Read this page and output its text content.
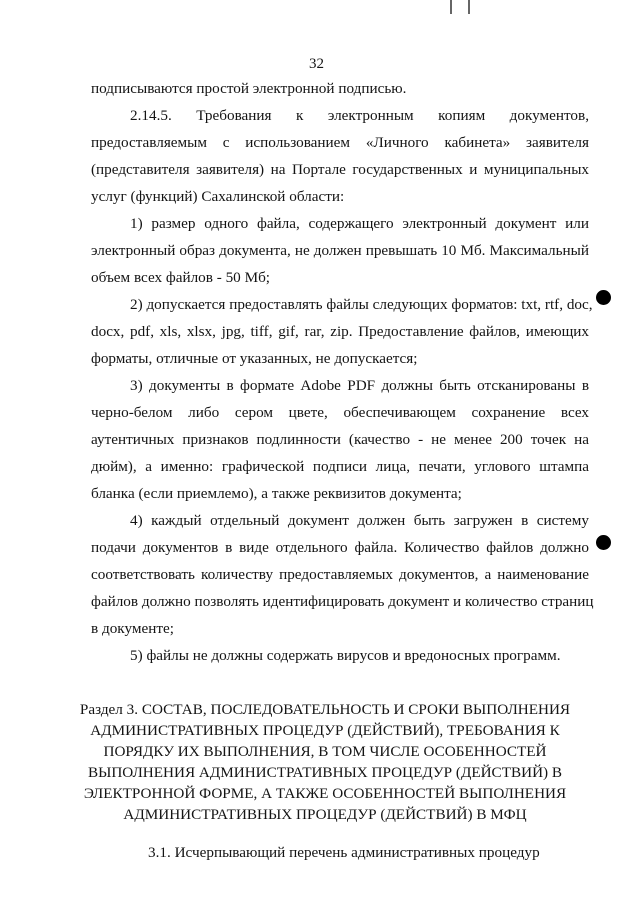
32
подписываются простой электронной подписью.
2.14.5. Требования к электронным копиям документов,
предоставляемым с использованием «Личного кабинета» заявителя
(представителя заявителя) на Портале государственных и муниципальных
услуг (функций) Сахалинской области:
1) размер одного файла, содержащего электронный документ или
электронный образ документа, не должен превышать 10 Мб. Максимальный
объем всех файлов - 50 Мб;
2) допускается предоставлять файлы следующих форматов: txt, rtf, doc,
docx, pdf, xls, xlsx, jpg, tiff, gif, rar, zip. Предоставление файлов, имеющих
форматы, отличные от указанных, не допускается;
3) документы в формате Adobe PDF должны быть отсканированы в
черно-белом либо сером цвете, обеспечивающем сохранение всех
аутентичных признаков подлинности (качество - не менее 200 точек на
дюйм), а именно: графической подписи лица, печати, углового штампа
бланка (если приемлемо), а также реквизитов документа;
4) каждый отдельный документ должен быть загружен в систему
подачи документов в виде отдельного файла. Количество файлов должно
соответствовать количеству предоставляемых документов, а наименование
файлов должно позволять идентифицировать документ и количество страниц
в документе;
5) файлы не должны содержать вирусов и вредоносных программ.
Раздел 3. СОСТАВ, ПОСЛЕДОВАТЕЛЬНОСТЬ И СРОКИ ВЫПОЛНЕНИЯ
АДМИНИСТРАТИВНЫХ ПРОЦЕДУР (ДЕЙСТВИЙ), ТРЕБОВАНИЯ К
ПОРЯДКУ ИХ ВЫПОЛНЕНИЯ, В ТОМ ЧИСЛЕ ОСОБЕННОСТЕЙ
ВЫПОЛНЕНИЯ АДМИНИСТРАТИВНЫХ ПРОЦЕДУР (ДЕЙСТВИЙ) В
ЭЛЕКТРОННОЙ ФОРМЕ, А ТАКЖЕ ОСОБЕННОСТЕЙ ВЫПОЛНЕНИЯ
АДМИНИСТРАТИВНЫХ ПРОЦЕДУР (ДЕЙСТВИЙ) В МФЦ
3.1. Исчерпывающий перечень административных процедур
